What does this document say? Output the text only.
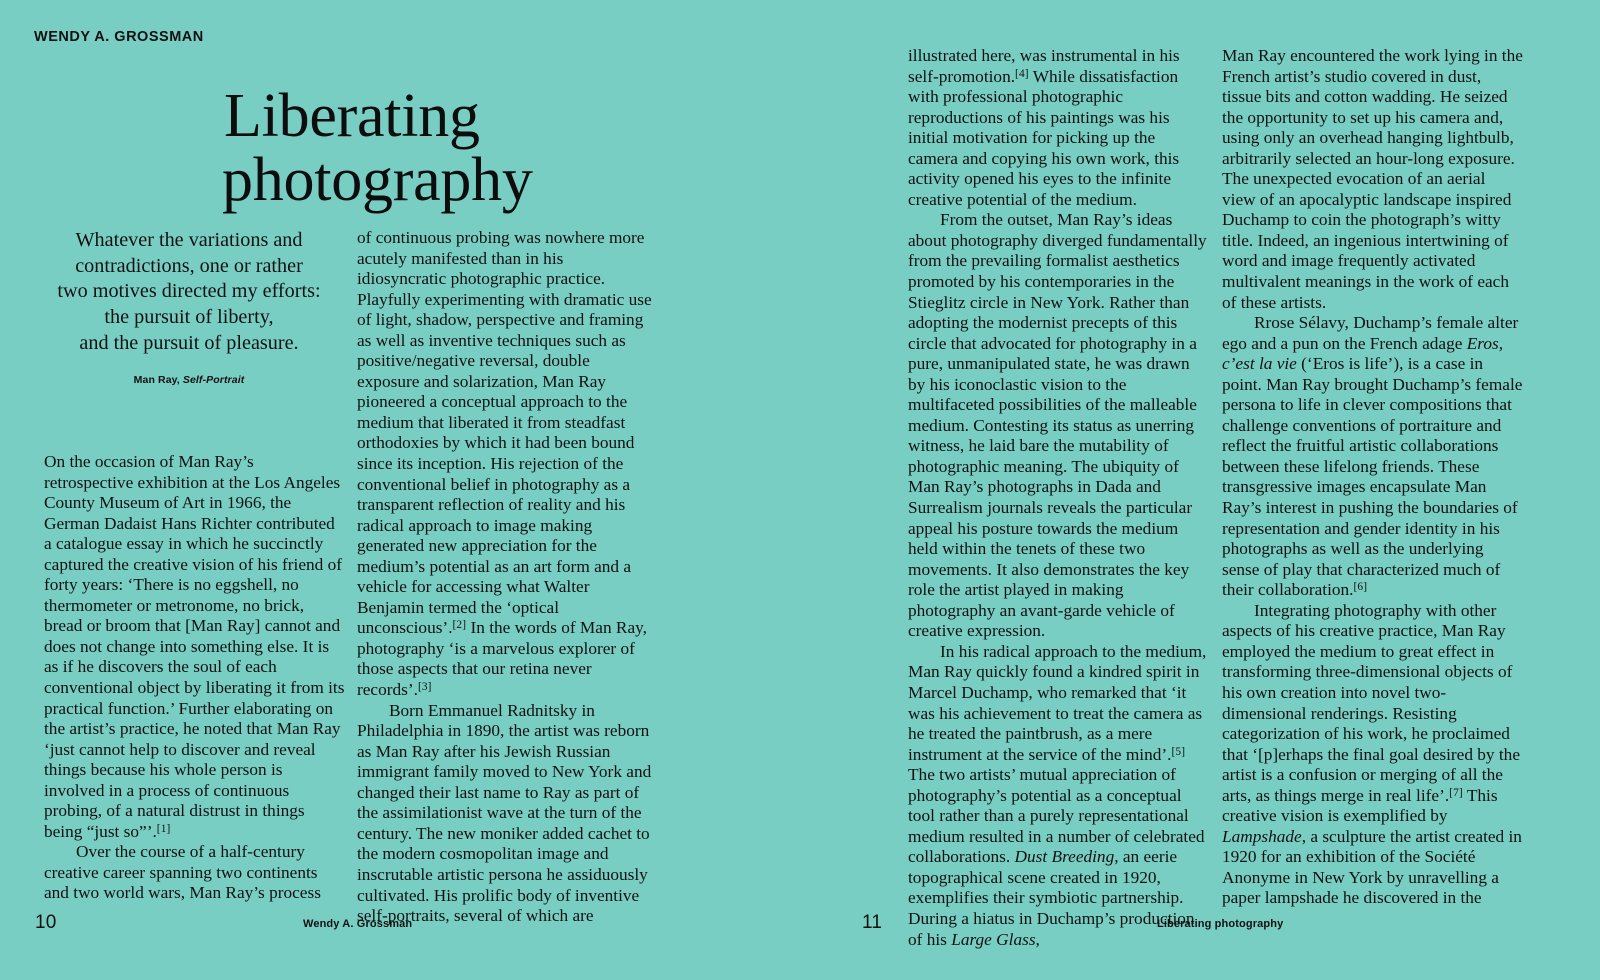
WENDY A. GROSSMAN
Liberating
photography
Whatever the variations and
contradictions, one or rather
two motives directed my efforts:
the pursuit of liberty,
and the pursuit of pleasure.
Man Ray, Self-Portrait

On the occasion of Man Ray’s retrospective exhibition at the Los Angeles County Museum of Art in 1966, the German Dadaist Hans Richter contributed a catalogue essay in which he succinctly captured the creative vision of his friend of forty years: ‘There is no eggshell, no thermometer or metronome, no brick, bread or broom that [Man Ray] cannot and does not change into something else. It is as if he discovers the soul of each conventional object by liberating it from its practical function.’ Further elaborating on the artist’s practice, he noted that Man Ray ‘just cannot help to discover and reveal things because his whole person is involved in a process of continuous probing, of a natural distrust in things being “just so”’.[1]

Over the course of a half-century creative career spanning two continents and two world wars, Man Ray’s process

of continuous probing was nowhere more acutely manifested than in his idiosyncratic photographic practice. Playfully experimenting with dramatic use of light, shadow, perspective and framing as well as inventive techniques such as positive/negative reversal, double exposure and solarization, Man Ray pioneered a conceptual approach to the medium that liberated it from steadfast orthodoxies by which it had been bound since its inception. His rejection of the conventional belief in photography as a transparent reflection of reality and his radical approach to image making generated new appreciation for the medium’s potential as an art form and a vehicle for accessing what Walter Benjamin termed the ‘optical unconscious’.[2] In the words of Man Ray, photography ‘is a marvelous explorer of those aspects that our retina never records’.[3]

Born Emmanuel Radnitsky in Philadelphia in 1890, the artist was reborn as Man Ray after his Jewish Russian immigrant family moved to New York and changed their last name to Ray as part of the assimilationist wave at the turn of the century. The new moniker added cachet to the modern cosmopolitan image and inscrutable artistic persona he assiduously cultivated. His prolific body of inventive self-portraits, several of which are

illustrated here, was instrumental in his self-promotion.[4] While dissatisfaction with professional photographic reproductions of his paintings was his initial motivation for picking up the camera and copying his own work, this activity opened his eyes to the infinite creative potential of the medium.

From the outset, Man Ray’s ideas about photography diverged fundamentally from the prevailing formalist aesthetics promoted by his contemporaries in the Stieglitz circle in New York. Rather than adopting the modernist precepts of this circle that advocated for photography in a pure, unmanipulated state, he was drawn by his iconoclastic vision to the multifaceted possibilities of the malleable medium. Contesting its status as unerring witness, he laid bare the mutability of photographic meaning. The ubiquity of Man Ray’s photographs in Dada and Surrealism journals reveals the particular appeal his posture towards the medium held within the tenets of these two movements. It also demonstrates the key role the artist played in making photography an avant-garde vehicle of creative expression.

In his radical approach to the medium, Man Ray quickly found a kindred spirit in Marcel Duchamp, who remarked that ‘it was his achievement to treat the camera as he treated the paintbrush, as a mere instrument at the service of the mind’.[5] The two artists’ mutual appreciation of photography’s potential as a conceptual tool rather than a purely representational medium resulted in a number of celebrated collaborations. Dust Breeding, an eerie topographical scene created in 1920, exemplifies their symbiotic partnership. During a hiatus in Duchamp’s production of his Large Glass,

Man Ray encountered the work lying in the French artist’s studio covered in dust, tissue bits and cotton wadding. He seized the opportunity to set up his camera and, using only an overhead hanging lightbulb, arbitrarily selected an hour-long exposure. The unexpected evocation of an aerial view of an apocalyptic landscape inspired Duchamp to coin the photograph’s witty title. Indeed, an ingenious intertwining of word and image frequently activated multivalent meanings in the work of each of these artists.

Rrose Sélavy, Duchamp’s female alter ego and a pun on the French adage Eros, c’est la vie (‘Eros is life’), is a case in point. Man Ray brought Duchamp’s female persona to life in clever compositions that challenge conventions of portraiture and reflect the fruitful artistic collaborations between these lifelong friends. These transgressive images encapsulate Man Ray’s interest in pushing the boundaries of representation and gender identity in his photographs as well as the underlying sense of play that characterized much of their collaboration.[6]

Integrating photography with other aspects of his creative practice, Man Ray employed the medium to great effect in transforming three-dimensional objects of his own creation into novel two-dimensional renderings. Resisting categorization of his work, he proclaimed that ‘[p]erhaps the final goal desired by the artist is a confusion or merging of all the arts, as things merge in real life’.[7] This creative vision is exemplified by Lampshade, a sculpture the artist created in 1920 for an exhibition of the Société Anonyme in New York by unravelling a paper lampshade he discovered in the

10	Wendy A. Grossman	11	Liberating photography
